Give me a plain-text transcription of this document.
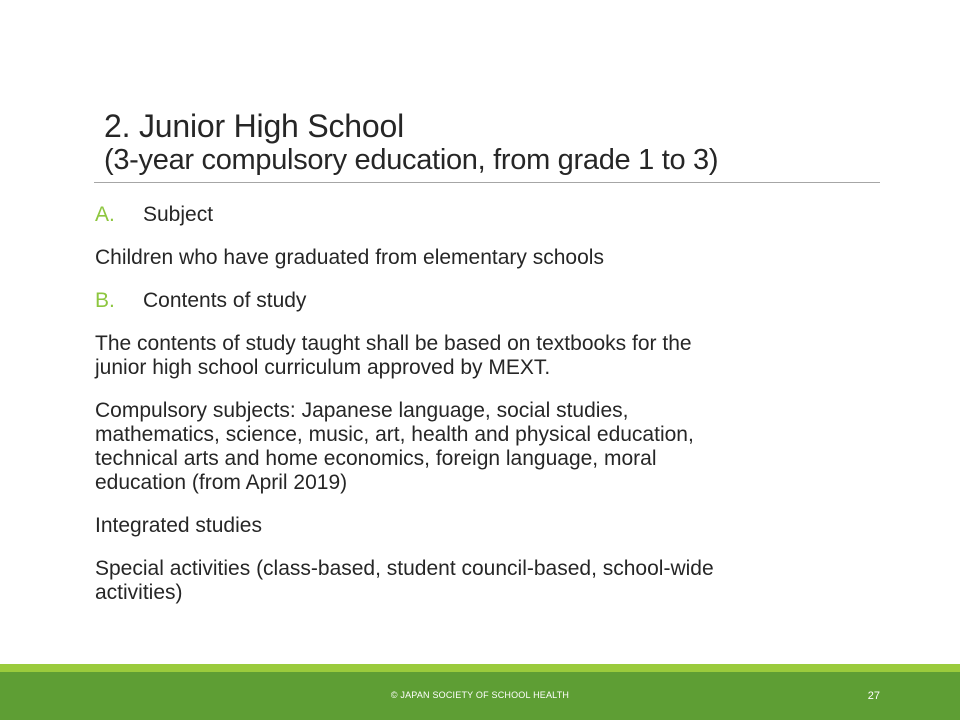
2. Junior High School
(3-year compulsory education, from grade 1 to 3)
A.	Subject
Children who have graduated from elementary schools
B.	Contents of study
The contents of study taught shall be based on textbooks for the
junior high school curriculum approved by MEXT.
Compulsory subjects: Japanese language, social studies,
mathematics, science, music, art, health and physical education,
technical arts and home economics, foreign language, moral
education (from April 2019)
Integrated studies
Special activities (class-based, student council-based, school-wide
activities)
© JAPAN SOCIETY OF SCHOOL HEALTH	27
